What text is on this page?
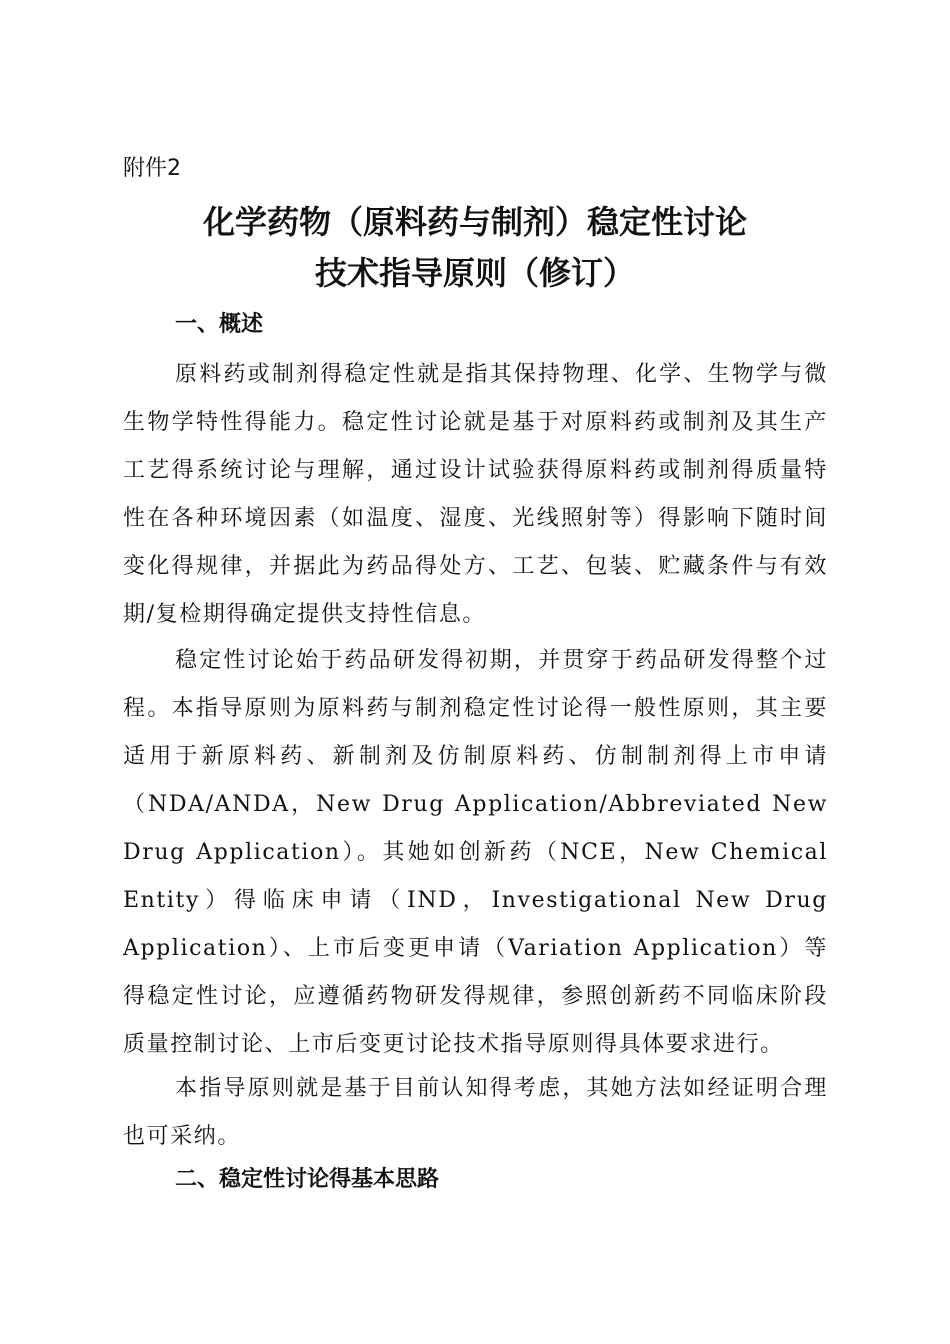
附件2

化学药物（原料药与制剂）稳定性讨论
技术指导原则（修订）
一、概述

原料药或制剂得稳定性就是指其保持物理、化学、生物学与微生物学特性得能力。稳定性讨论就是基于对原料药或制剂及其生产工艺得系统讨论与理解，通过设计试验获得原料药或制剂得质量特性在各种环境因素（如温度、湿度、光线照射等）得影响下随时间变化得规律，并据此为药品得处方、工艺、包装、贮藏条件与有效期/复检期得确定提供支持性信息。

稳定性讨论始于药品研发得初期，并贯穿于药品研发得整个过程。本指导原则为原料药与制剂稳定性讨论得一般性原则，其主要适用于新原料药、新制剂及仿制原料药、仿制制剂得上市申请（NDA/ANDA，New Drug Application/Abbreviated New Drug Application）。其她如创新药（NCE，New Chemical Entity）得临床申请（IND，Investigational New Drug Application）、上市后变更申请（Variation Application）等得稳定性讨论，应遵循药物研发得规律，参照创新药不同临床阶段质量控制讨论、上市后变更讨论技术指导原则得具体要求进行。

本指导原则就是基于目前认知得考虑，其她方法如经证明合理也可采纳。

二、稳定性讨论得基本思路
